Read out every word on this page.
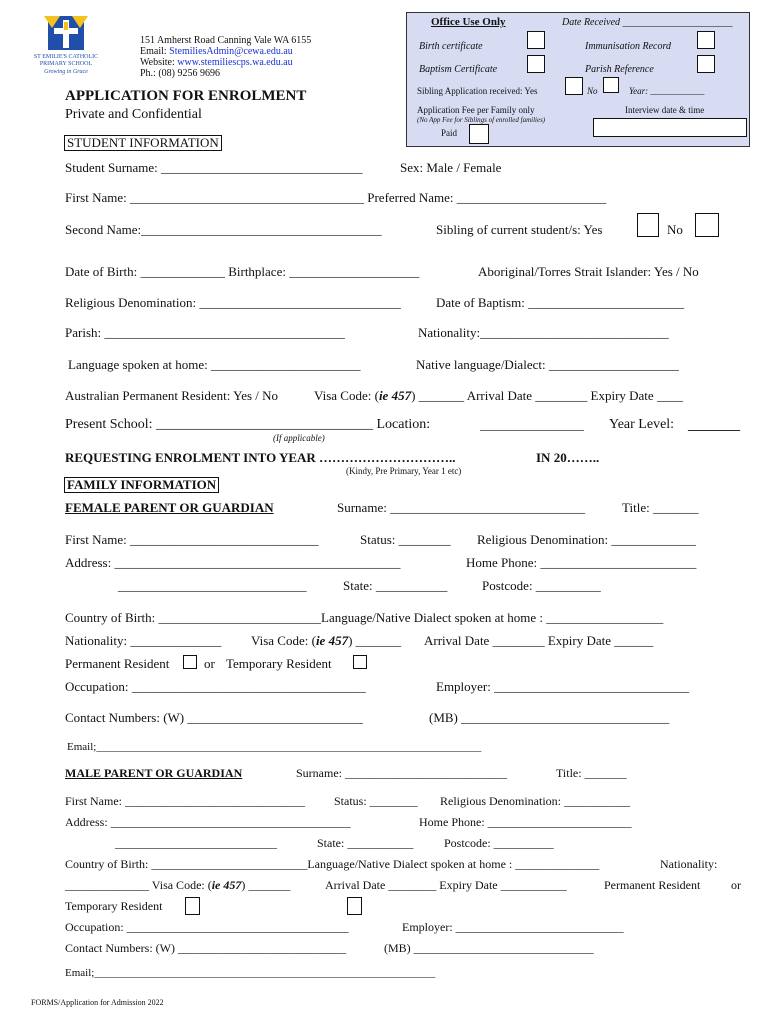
ST EMILIE'S CATHOLIC
PRIMARY SCHOOL
Growing in Grace
151 Amherst Road Canning Vale WA 6155
Email: StemiliesAdmin@cewa.edu.au
Website: www.stemiliescps.wa.edu.au
Ph.: (08) 9256 9696
APPLICATION FOR ENROLMENT
Private and Confidential
Office Use Only	Date Received ______________________
Birth certificate	Immunisation Record
Baptism Certificate	Parish Reference
Sibling Application received: Yes	No	Year: ____________
Application Fee per Family only
(No App Fee for Siblings of enrolled families)
Interview date & time
Paid
STUDENT INFORMATION
Student Surname: _______________________________	Sex: Male / Female
First Name: ____________________________________ Preferred Name: _______________________
Second Name:_____________________________________	Sibling of current student/s: Yes	No
Date of Birth: _____________ Birthplace: ____________________	Aboriginal/Torres Strait Islander: Yes / No
Religious Denomination: _______________________________	Date of Baptism: ________________________
Parish: _____________________________________	Nationality:_____________________________
Language spoken at home: _______________________	Native language/Dialect: ____________________
Australian Permanent Resident: Yes / No	Visa Code: (ie 457) _______ Arrival Date ________ Expiry Date ____
Present School: _______________________________ Location:	________________ Year Level: ________
(If applicable)
REQUESTING ENROLMENT INTO YEAR …………………………..	IN 20……..
(Kindy, Pre Primary, Year 1 etc)
FAMILY INFORMATION
FEMALE PARENT OR GUARDIAN	Surname: ______________________________	Title: _______
First Name: _____________________________	Status: ________ Religious Denomination: _____________
Address: ____________________________________________	Home Phone: ________________________
_____________________________	State: ___________	Postcode: __________
Country of Birth: _________________________Language/Native Dialect spoken at home : __________________
Nationality: ______________ Visa Code: (ie 457) _______ Arrival Date ________ Expiry Date ______
Permanent Resident	or Temporary Resident
Occupation: ____________________________________	Employer: ______________________________
Contact Numbers: (W) ___________________________	(MB) ________________________________
Email;______________________________________________________________________
MALE PARENT OR GUARDIAN	Surname: ___________________________	Title: _______
First Name: ______________________________ Status: ________ Religious Denomination: ___________
Address: ________________________________________	Home Phone: ________________________
___________________________	State: ___________	Postcode: __________
Country of Birth: __________________________Language/Native Dialect spoken at home : ______________	Nationality:
______________ Visa Code: (ie 457) _______	Arrival Date ________ Expiry Date ___________	Permanent Resident	or
Temporary Resident
Occupation: _____________________________________	Employer: ____________________________
Contact Numbers: (W) ____________________________	(MB) ______________________________
Email;______________________________________________________________
FORMS/Application for Admission 2022
